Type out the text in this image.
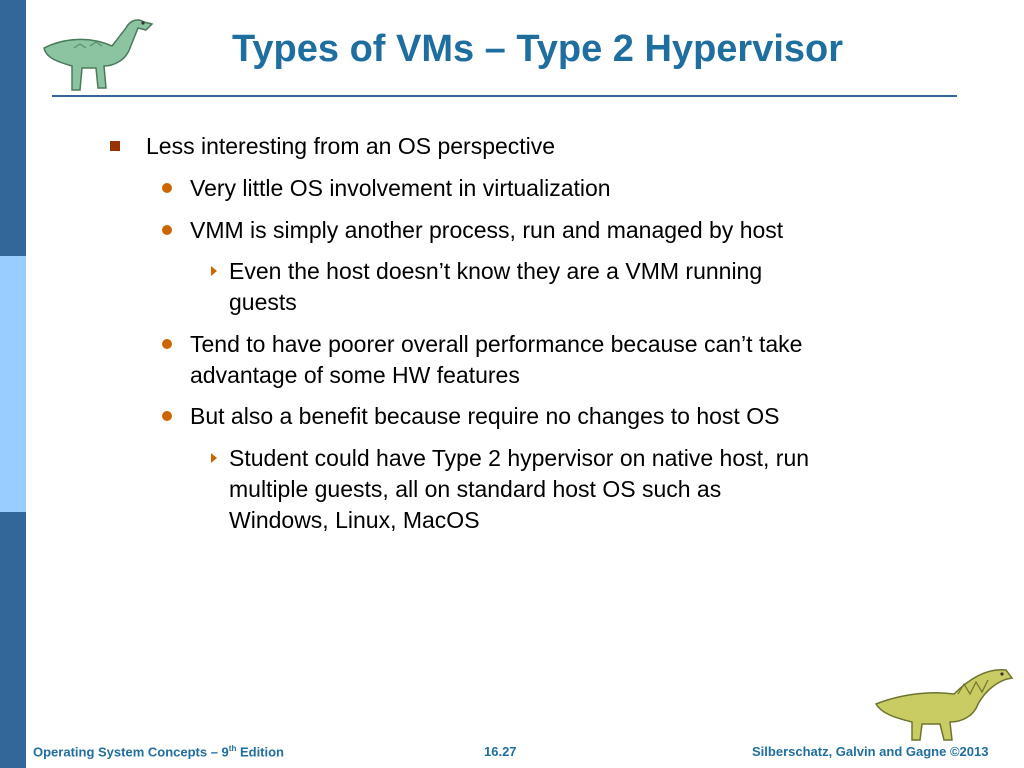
Types of VMs – Type 2 Hypervisor
Less interesting from an OS perspective
Very little OS involvement in virtualization
VMM is simply another process, run and managed by host
Even the host doesn’t know they are a VMM running
guests
Tend to have poorer overall performance because can’t take
advantage of some HW features
But also a benefit because require no changes to host OS
Student could have Type 2 hypervisor on native host, run
multiple guests, all on standard host OS such as
Windows, Linux, MacOS
Operating System Concepts – 9th Edition	16.27	Silberschatz, Galvin and Gagne ©2013
